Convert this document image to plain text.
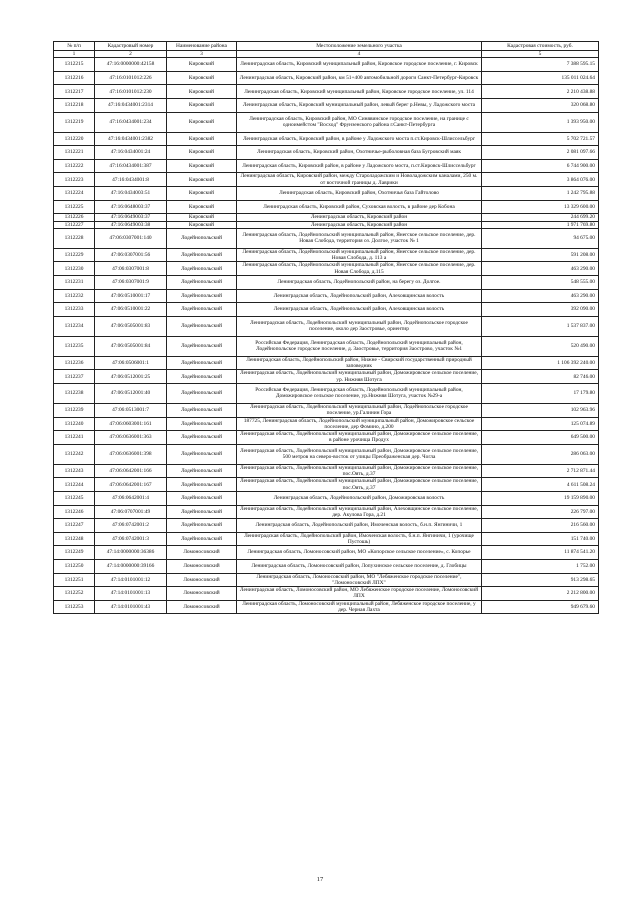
№ п/п	Кадастровый номер	Наименование района	Местоположение земельного участка	Кадастровая стоимость, руб.
1	2	3	4	5
1312215	47:16:0000000:42158	Кировский	Ленинградская область, Кировский муниципальный район, Кировское городское поселение, г. Кировск	7 388 595.15
1312216	47:16:0101012:226	Кировский	Ленинградская область, Кировский район, км 51+400 автомобильной дороги Санкт-Петербург-Кировск	135 011 024.64
1312217	47:16:0101012:230	Кировский	Ленинградская область, Кировский муниципальный район, Кировское городское поселение, ул. 114	2 210 438.88
1312218	47:16:0434001:2314	Кировский	Ленинградская область, Кировский муниципальный район, левый берег р.Невы, у Ладожского моста	320 068.80
1312219	47:16:0434001:234	Кировский	Ленинградская область, Кировский район, МО Синявинское городское поселение, на границе с одноимейстом "Восход" Фрунзенского района г.Санкт-Петербурга	1 393 950.00
1312220	47:16:0434001:2382	Кировский	Ленинградская область, Кировский район, в районе у Ладожского моста п.ст.Кировск-Шлиссельбург	5 702 721.57
1312221	47:16:0434001:24	Кировский	Ленинградская область, Кировский район, Охотничье-рыболовная база Бугровский маяк	2 081 097.66
1312222	47:16:0434001:387	Кировский	Ленинградская область, Кировский район, в районе у Ладожского моста, п.ст.Кировск-Шлиссельбург	6 744 900.00
1312223	47:16:0434001:8	Кировский	Ленинградская область, Кировский район, между Староладожским и Новоладожским каналами, 250 м. от восточной границы д. Лаврики	3 864 076.00
1312224	47:16:0434003:51	Кировский	Ленинградская область, Кировский район, Охотничья база Гайтолово	1 242 795.88
1312225	47:16:0648003:37	Кировский	Ленинградская область, Кировский район, Суховская волость, в районе дер Кобона	13 329 600.00
1312226	47:16:0649003:37	Кировский	Ленинградская область, Кировский район	244 699.20
1312227	47:16:0649003:38	Кировский	Ленинградская область, Кировский район	1 971 769.80
1312228	47:06:0307001:140	Лодейнопольский	Ленинградская область, Лодейнопольский муниципальный район, Янегское сельское поселение, дер. Новая Слобода, территория оз. Долгое, участок № 1	94 675.00
1312229	47:06:0307001:56	Лодейнопольский	Ленинградская область, Лодейнопольский муниципальный район, Янегское сельское поселение, дер. Новая Слобода, д. 113 а	591 208.00
1312230	47:06:0307001:8	Лодейнопольский	Ленинградская область, Лодейнопольский муниципальный район, Янегское сельское поселение, дер. Новая Слобода, д.115	463 290.00
1312231	47:06:0307001:9	Лодейнопольский	Ленинградская область, Лодейнопольский район, на берегу оз. Долгое.	548 555.00
1312232	47:06:0510001:17	Лодейнопольский	Ленинградская область, Лодейнопольский район, Алеховщинская волость	463 290.00
1312233	47:06:0510001:22	Лодейнопольский	Ленинградская область, Лодейнопольский район, Алеховщинская волость	392 090.00
1312234	47:06:0505001:83	Лодейнопольский	Ленинградская область, Лодейнопольский муниципальный район, Лодейнопольское городское поселение, около дер Заостровье, ориентир	1 537 837.00
1312235	47:06:0505001:84	Лодейнопольский	Российская Федерация, Ленинградская область, Лодейнопольский муниципальный район, Лодейнопольское городское поселение, д. Заостровье, территория Заострово, участок №1	520 490.00
1312236	47:06:0506001:1	Лодейнопольский	Ленинградская область, Лодейнопольский район, Нижне - Свирский государственный природный заповедник	1 106 392 240.00
1312237	47:06:0512001:25	Лодейнопольский	Ленинградская область, Лодейнопольский муниципальный район, Доможировское сельское поселение, ур. Нижняя Шотуга	82 746.00
1312238	47:06:0512001:40	Лодейнопольский	Российская Федерация, Ленинградская область, Лодейнопольский муниципальный район, Доможировское сельское поселение, ур.Нижняя Шотуга, участок №29-а	17 179.80
1312239	47:06:0513001:7	Лодейнопольский	Ленинградская область, Лодейнопольский муниципальный район, Лодейнопольское городское поселение, ур.Галинин Гора	102 963.96
1312240	47:06:0603001:161	Лодейнопольский	187725, Ленинградская область, Лодейнопольский муниципальный район, Доможировское сельское поселение, дер Фомино, д.200	125 074.89
1312241	47:06:0636001:363	Лодейнопольский	Ленинградская область, Лодейнопольский муниципальный район, Доможировское сельское поселение, в районе урочища Продух	649 500.00
1312242	47:06:0636001:398	Лодейнопольский	Ленинградская область, Лодейнопольский муниципальный район, Доможировское сельское поселение, 500 метров на северо-восток от улицы Преображенская дер. Чогла	286 063.00
1312243	47:06:0642001:166	Лодейнопольский	Ленинградская область, Лодейнопольский муниципальный район, Доможировское сельское поселение, пос.Оять, д.37	2 712 871.44
1312244	47:06:0642001:167	Лодейнопольский	Ленинградская область, Лодейнопольский муниципальный район, Доможировское сельское поселение, пос.Оять, д.37	4 611 508.24
1312245	47:06:0642001:4	Лодейнопольский	Ленинградская область, Лодейнопольский район, Доможировская волость	19 159 890.00
1312246	47:06:0707001:49	Лодейнопольский	Ленинградская область, Лодейнопольский муниципальный район, Алеховщинское сельское поселение, дер. Акулова Гора, д.21	226 797.00
1312247	47:06:0742001:2	Лодейнопольский	Ленинградская область, Лодейнопольский район, Имоченская волость, б.н.п. Янгиничи, 1	216 560.00
1312248	47:06:0742001:3	Лодейнопольский	Ленинградская область, Лодейнопольский район, Имоченская волость, б.н.п. Янгиничи, 1 (урочище Пустошь)	151 740.00
1312249	47:14:0000000:36386	Ломоносовский	Ленинградская область, Ломоносовский район, МО «Копорское сельское поселение», с. Копорье	11 874 541.20
1312250	47:14:0000000:39166	Ломоносовский	Ленинградская область, Ломоносовский район, Лопухинское сельское поселение, д. Глобицы	1 752.00
1312251	47:14:0101001:12	Ломоносовский	Ленинградская область, Ломоносовский район, МО "Лебяженское городское поселение", "Ломоносовский ЛПХ"	913 298.65
1312252	47:14:0101001:13	Ломоносовский	Ленинградская область, Ломоносовский район, МО Лебяженское городское поселение, Ломоносовский ЛПХ	2 212 800.00
1312253	47:14:0101001:43	Ломоносовский	Ленинградская область, Ломоносовский муниципальный район, Лебяженское городское поселение, у дер. Черная Лахта	949 679.60
17
